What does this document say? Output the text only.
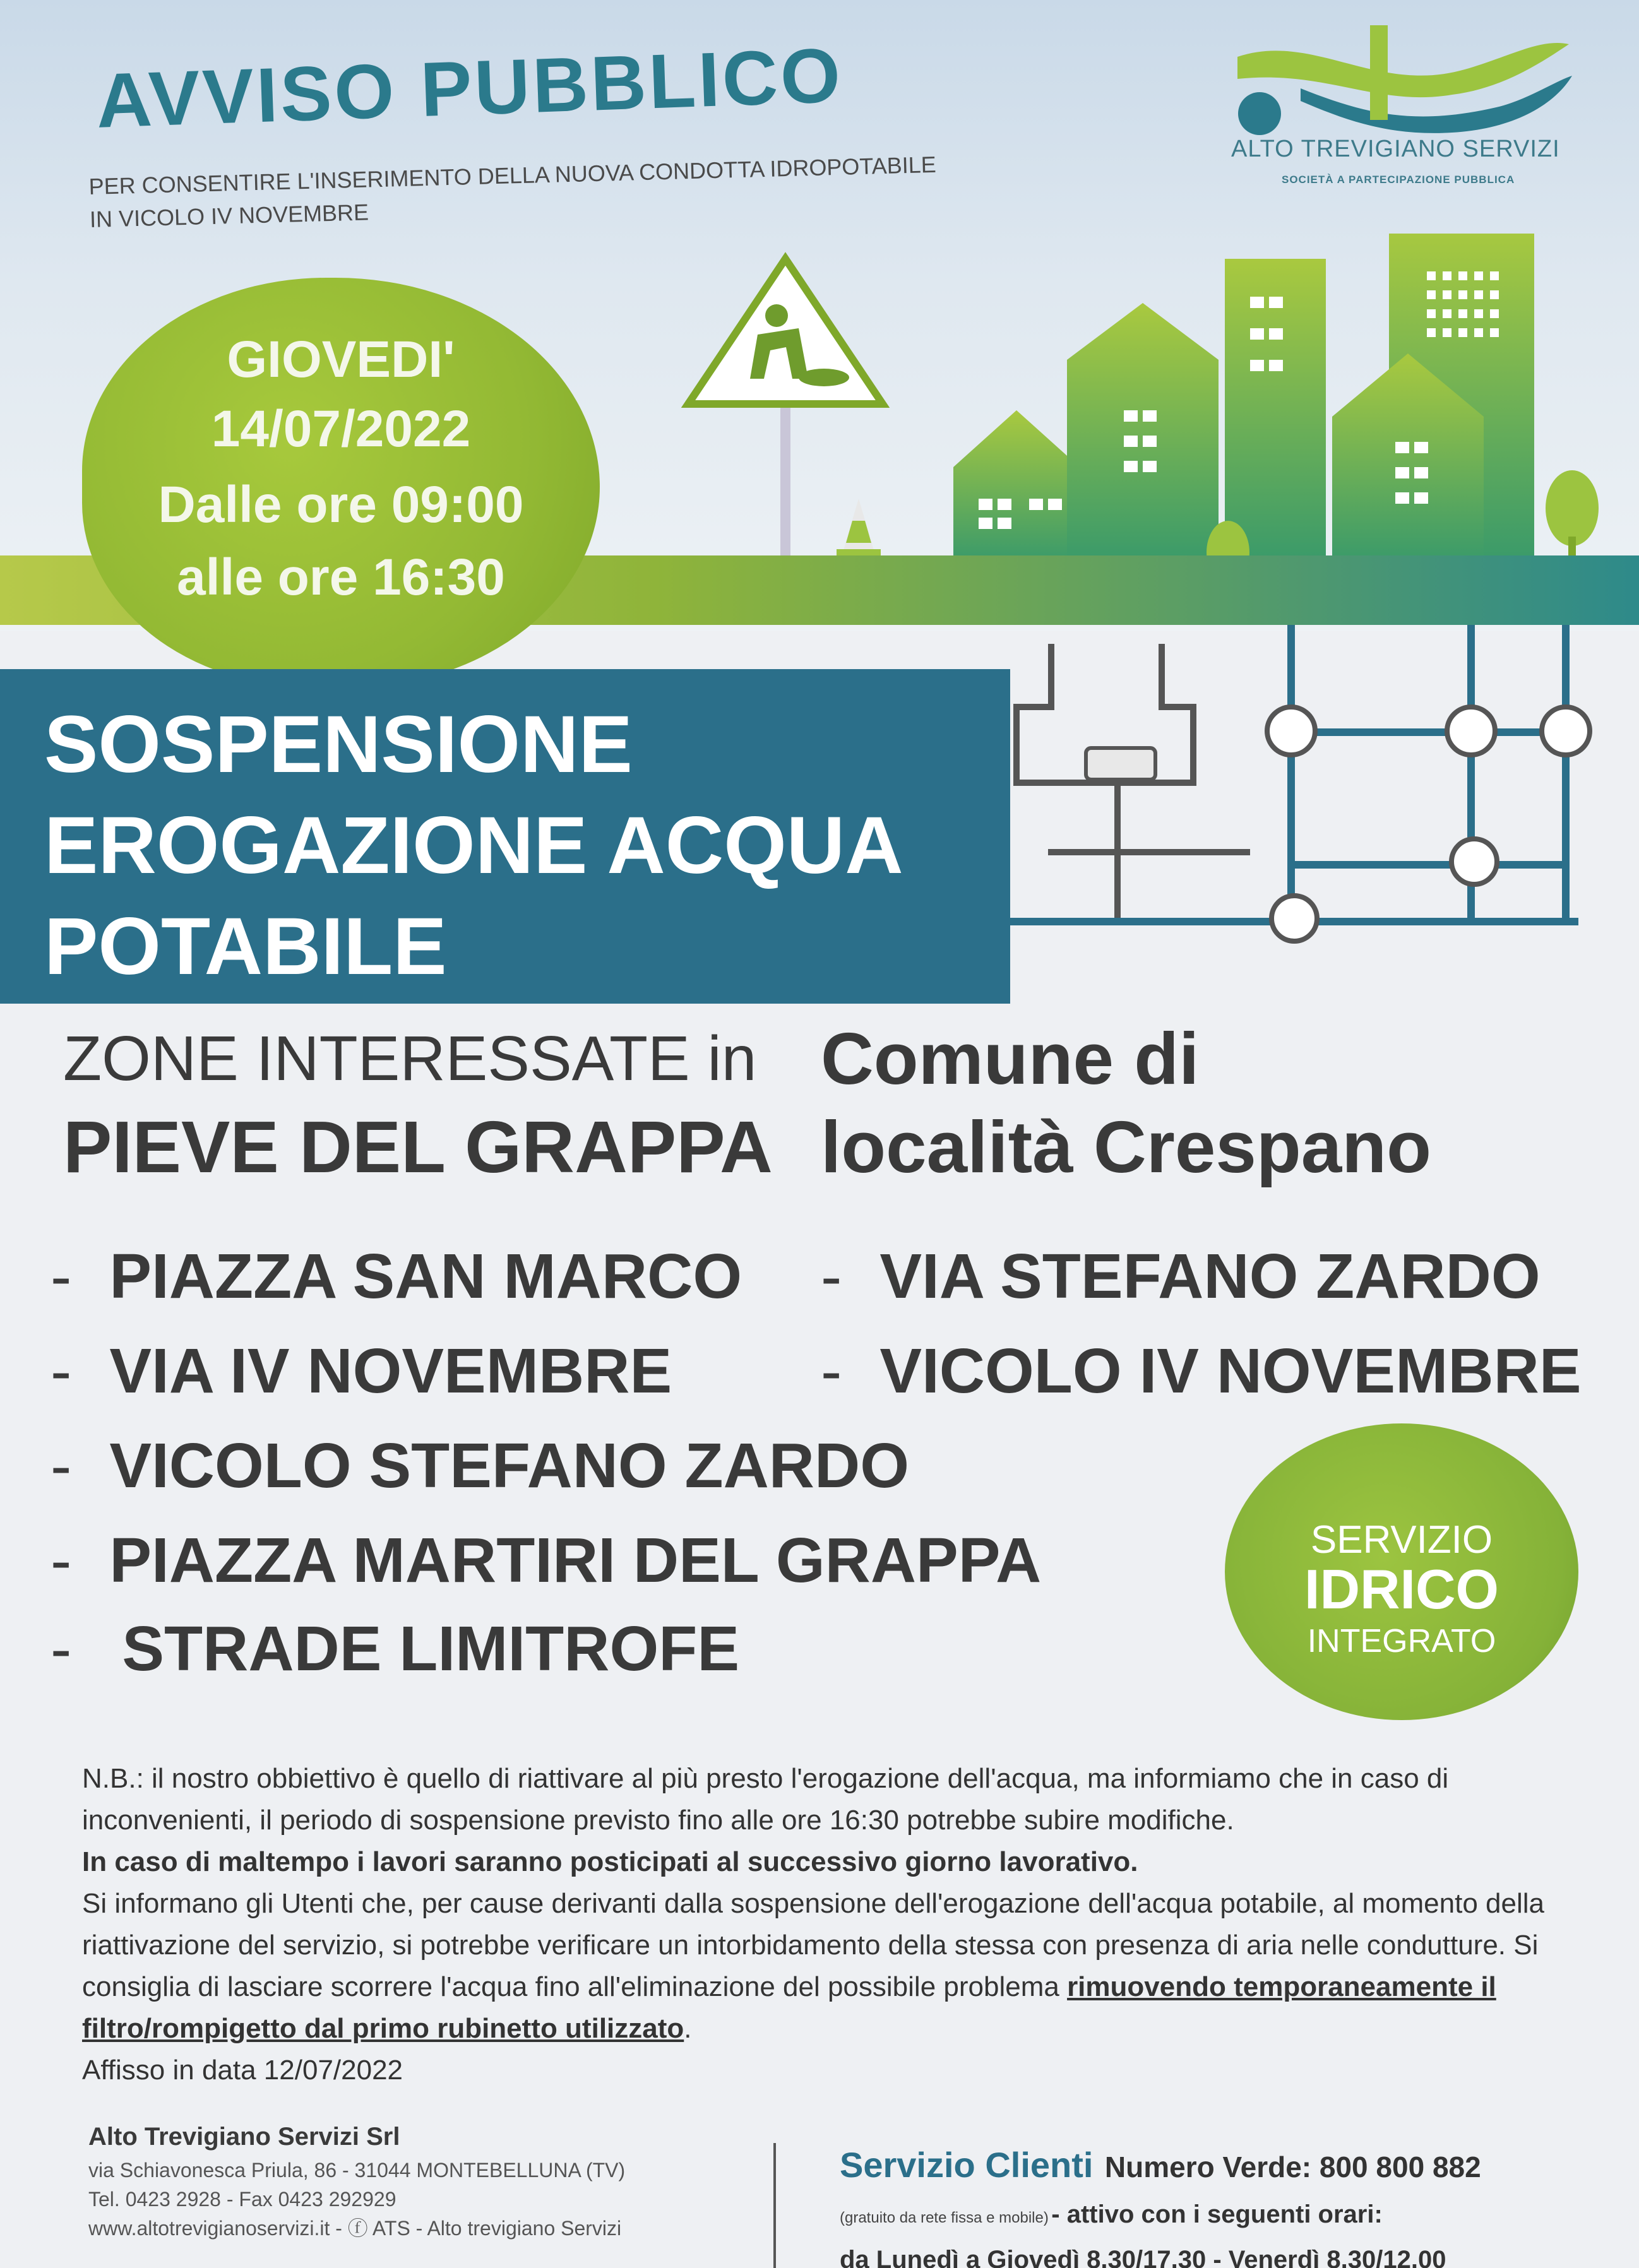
AVVISO PUBBLICO
PER CONSENTIRE L'INSERIMENTO DELLA NUOVA CONDOTTA IDROPOTABILE
IN VICOLO IV NOVEMBRE
ALTO TREVIGIANO SERVIZI
SOCIETÀ A PARTECIPAZIONE PUBBLICA
GIOVEDI'
14/07/2022
Dalle ore 09:00
alle ore 16:30
SOSPENSIONE
EROGAZIONE ACQUA
POTABILE
ZONE INTERESSATE in
PIEVE DEL GRAPPA
Comune di
località Crespano
- PIAZZA SAN MARCO - VIA STEFANO ZARDO
- VIA IV NOVEMBRE - VICOLO IV NOVEMBRE
- VICOLO STEFANO ZARDO
- PIAZZA MARTIRI DEL GRAPPA
- STRADE LIMITROFE
SERVIZIO
IDRICO
INTEGRATO

N.B.: il nostro obbiettivo è quello di riattivare al più presto l'erogazione dell'acqua, ma informiamo che in caso di inconvenienti, il periodo di sospensione previsto fino alle ore 16:30 potrebbe subire modifiche.

In caso di maltempo i lavori saranno posticipati al successivo giorno lavorativo.

Si informano gli Utenti che, per cause derivanti dalla sospensione dell'erogazione dell'acqua potabile, al momento della riattivazione del servizio, si potrebbe verificare un intorbidamento della stessa con presenza di aria nelle condutture. Si consiglia di lasciare scorrere l'acqua fino all'eliminazione del possibile problema rimuovendo temporaneamente il filtro/rompigetto dal primo rubinetto utilizzato.

Affisso in data 12/07/2022

Alto Trevigiano Servizi Srl
via Schiavonesca Priula, 86 - 31044 MONTEBELLUNA (TV)
Tel. 0423 2928 - Fax 0423 292929
www.altotrevigianoservizi.it - ⓕ ATS - Alto trevigiano Servizi
Servizio Clienti Numero Verde: 800 800 882
(gratuito da rete fissa e mobile) - attivo con i seguenti orari:
da Lunedì a Giovedì 8.30/17.30 - Venerdì 8.30/12.00
